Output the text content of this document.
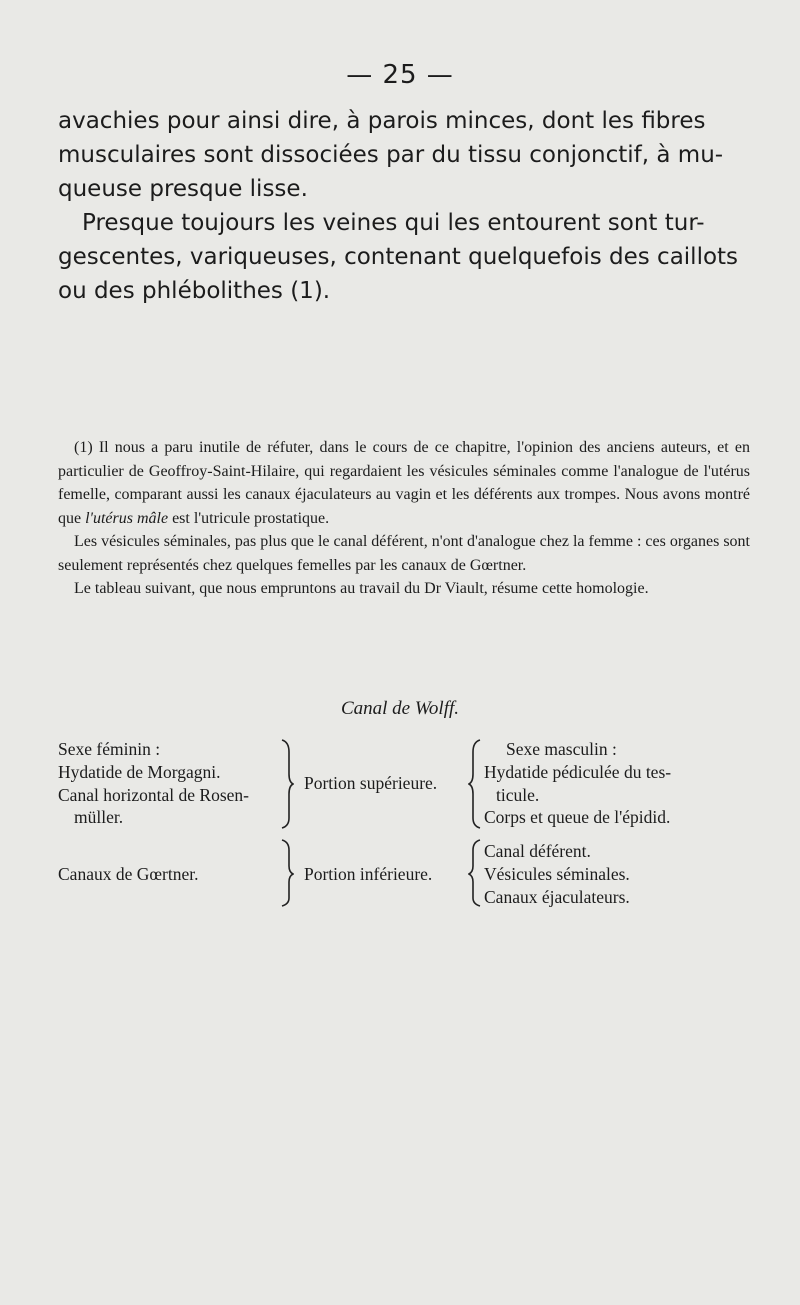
— 25 —

avachies pour ainsi dire, à parois minces, dont les fibres musculaires sont dissociées par du tissu conjonctif, à mu- queuse presque lisse.

Presque toujours les veines qui les entourent sont tur- gescentes, variqueuses, contenant quelquefois des caillots ou des phlébolithes (1).

(1) Il nous a paru inutile de réfuter, dans le cours de ce chapitre, l'opinion des anciens auteurs, et en particulier de Geoffroy-Saint-Hilaire, qui regardaient les vésicules séminales comme l'analogue de l'utérus femelle, comparant aussi les canaux éjaculateurs au vagin et les déférents aux trompes. Nous avons montré que l'utérus mâle est l'utricule prostatique.

Les vésicules séminales, pas plus que le canal déférent, n'ont d'analogue chez la femme : ces organes sont seulement représentés chez quelques femelles par les canaux de Gœrtner.

Le tableau suivant, que nous empruntons au travail du Dr Viault, résume cette homologie.

Canal de Wolff.
Sexe féminin :
Hydatide de Morgagni.
Canal horizontal de Rosen-
müller.
Portion supérieure.
Sexe masculin :
Hydatide pédiculée du tes-
ticule.
Corps et queue de l'épidid.
Canaux de Gœrtner.	Portion inférieure.
Canal déférent.
Vésicules séminales.
Canaux éjaculateurs.
